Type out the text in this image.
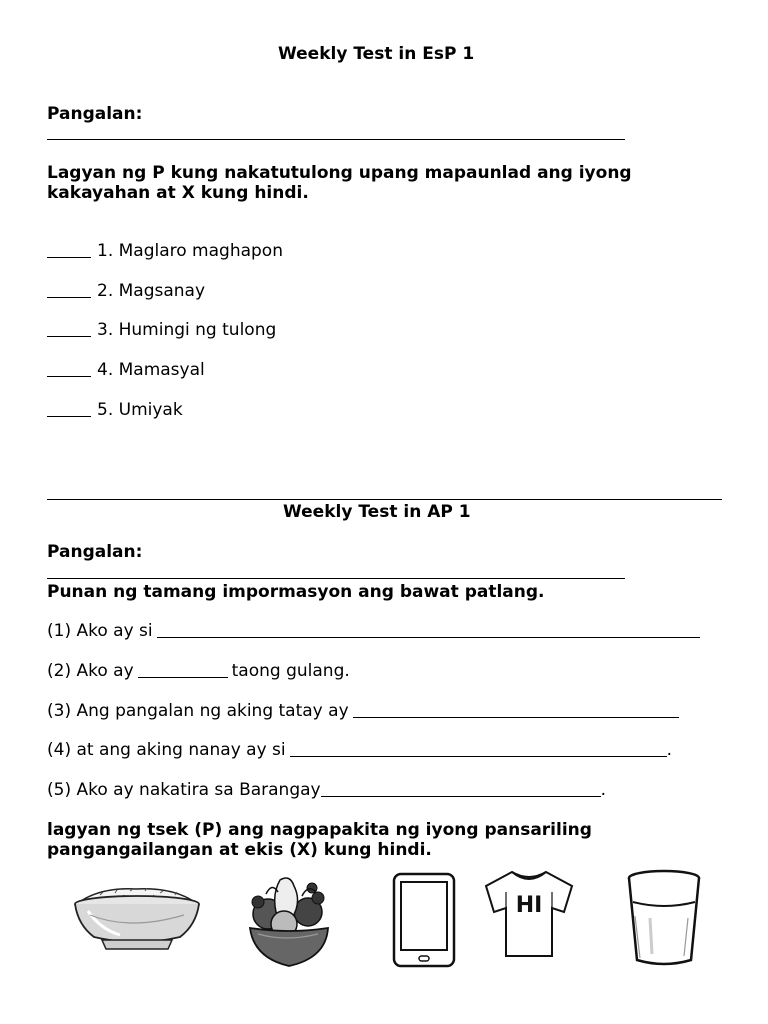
Weekly Test in EsP 1
Pangalan:
Lagyan ng P kung nakatutulong upang mapaunlad ang iyong kakayahan at X kung hindi.
1. Maglaro maghapon
2. Magsanay
3. Humingi ng tulong
4. Mamasyal
5. Umiyak
Weekly Test in AP 1
Pangalan:
Punan ng tamang impormasyon ang bawat patlang.
(1) Ako ay si
(2) Ako ay	taong gulang.
(3) Ang pangalan ng aking tatay ay
(4) at ang aking nanay ay si	.
(5) Ako ay nakatira sa Barangay	.
lagyan ng tsek (P) ang nagpapakita ng iyong pansariling pangangailangan at ekis (X) kung hindi.
HI
